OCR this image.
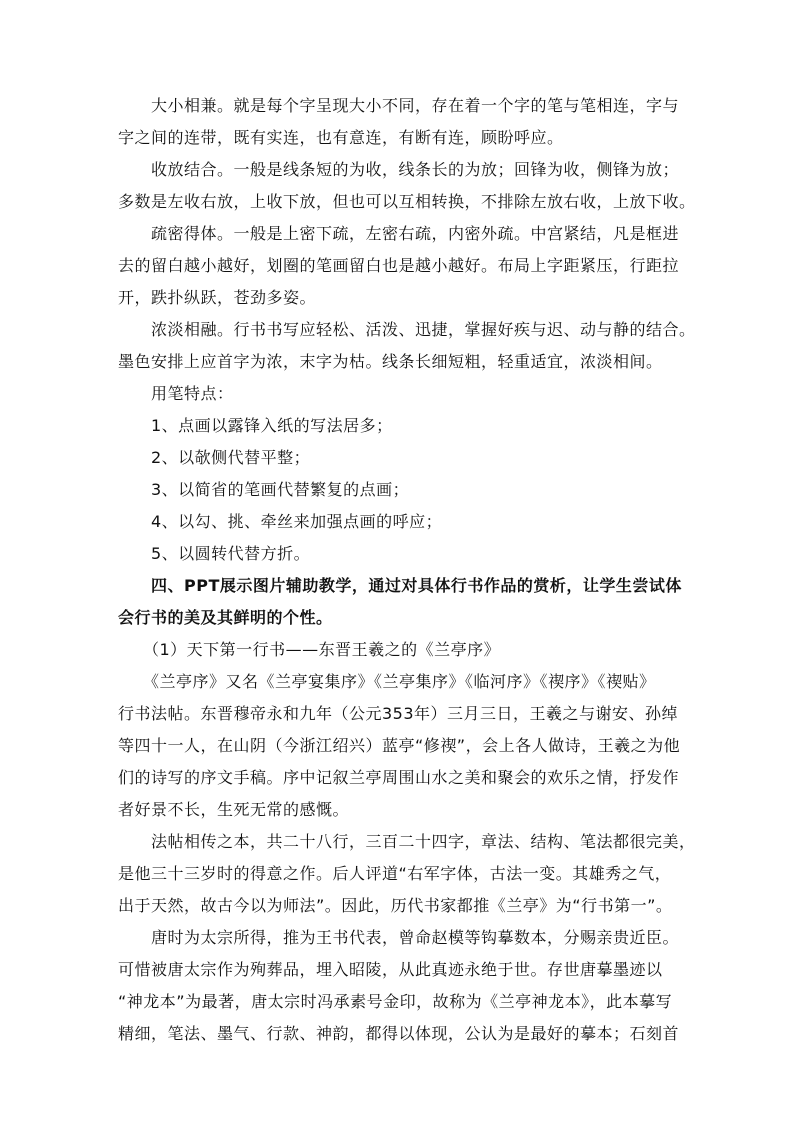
　　大小相兼。就是每个字呈现大小不同，存在着一个字的笔与笔相连，字与
字之间的连带，既有实连，也有意连，有断有连，顾盼呼应。
　　收放结合。一般是线条短的为收，线条长的为放；回锋为收，侧锋为放；
多数是左收右放，上收下放，但也可以互相转换，不排除左放右收，上放下收。
　　疏密得体。一般是上密下疏，左密右疏，内密外疏。中宫紧结，凡是框进
去的留白越小越好，划圈的笔画留白也是越小越好。布局上字距紧压，行距拉
开，跌扑纵跃，苍劲多姿。
　　浓淡相融。行书书写应轻松、活泼、迅捷，掌握好疾与迟、动与静的结合。
墨色安排上应首字为浓，末字为枯。线条长细短粗，轻重适宜，浓淡相间。
　　用笔特点：
　　1、点画以露锋入纸的写法居多；
　　2、以欹侧代替平整；
　　3、以简省的笔画代替繁复的点画；
　　4、以勾、挑、牵丝来加强点画的呼应；
　　5、以圆转代替方折。
　　四、PPT展示图片辅助教学，通过对具体行书作品的赏析，让学生尝试体
会行书的美及其鲜明的个性。
　　（1）天下第一行书——东晋王羲之的《兰亭序》
　　《兰亭序》又名《兰亭宴集序》《兰亭集序》《临河序》《禊序》《禊贴》
行书法帖。东晋穆帝永和九年（公元353年）三月三日，王羲之与谢安、孙绰
等四十一人，在山阴（今浙江绍兴）蓝亭“修禊”，会上各人做诗，王羲之为他
们的诗写的序文手稿。序中记叙兰亭周围山水之美和聚会的欢乐之情，抒发作
者好景不长，生死无常的感慨。
　　法帖相传之本，共二十八行，三百二十四字，章法、结构、笔法都很完美，
是他三十三岁时的得意之作。后人评道“右军字体，古法一变。其雄秀之气，
出于天然，故古今以为师法”。因此，历代书家都推《兰亭》为“行书第一”。
　　唐时为太宗所得，推为王书代表，曾命赵模等钩摹数本，分赐亲贵近臣。
可惜被唐太宗作为殉葬品，埋入昭陵，从此真迹永绝于世。存世唐摹墨迹以
“神龙本”为最著，唐太宗时冯承素号金印，故称为《兰亭神龙本》，此本摹写
精细，笔法、墨气、行款、神韵，都得以体现，公认为是最好的摹本；石刻首
